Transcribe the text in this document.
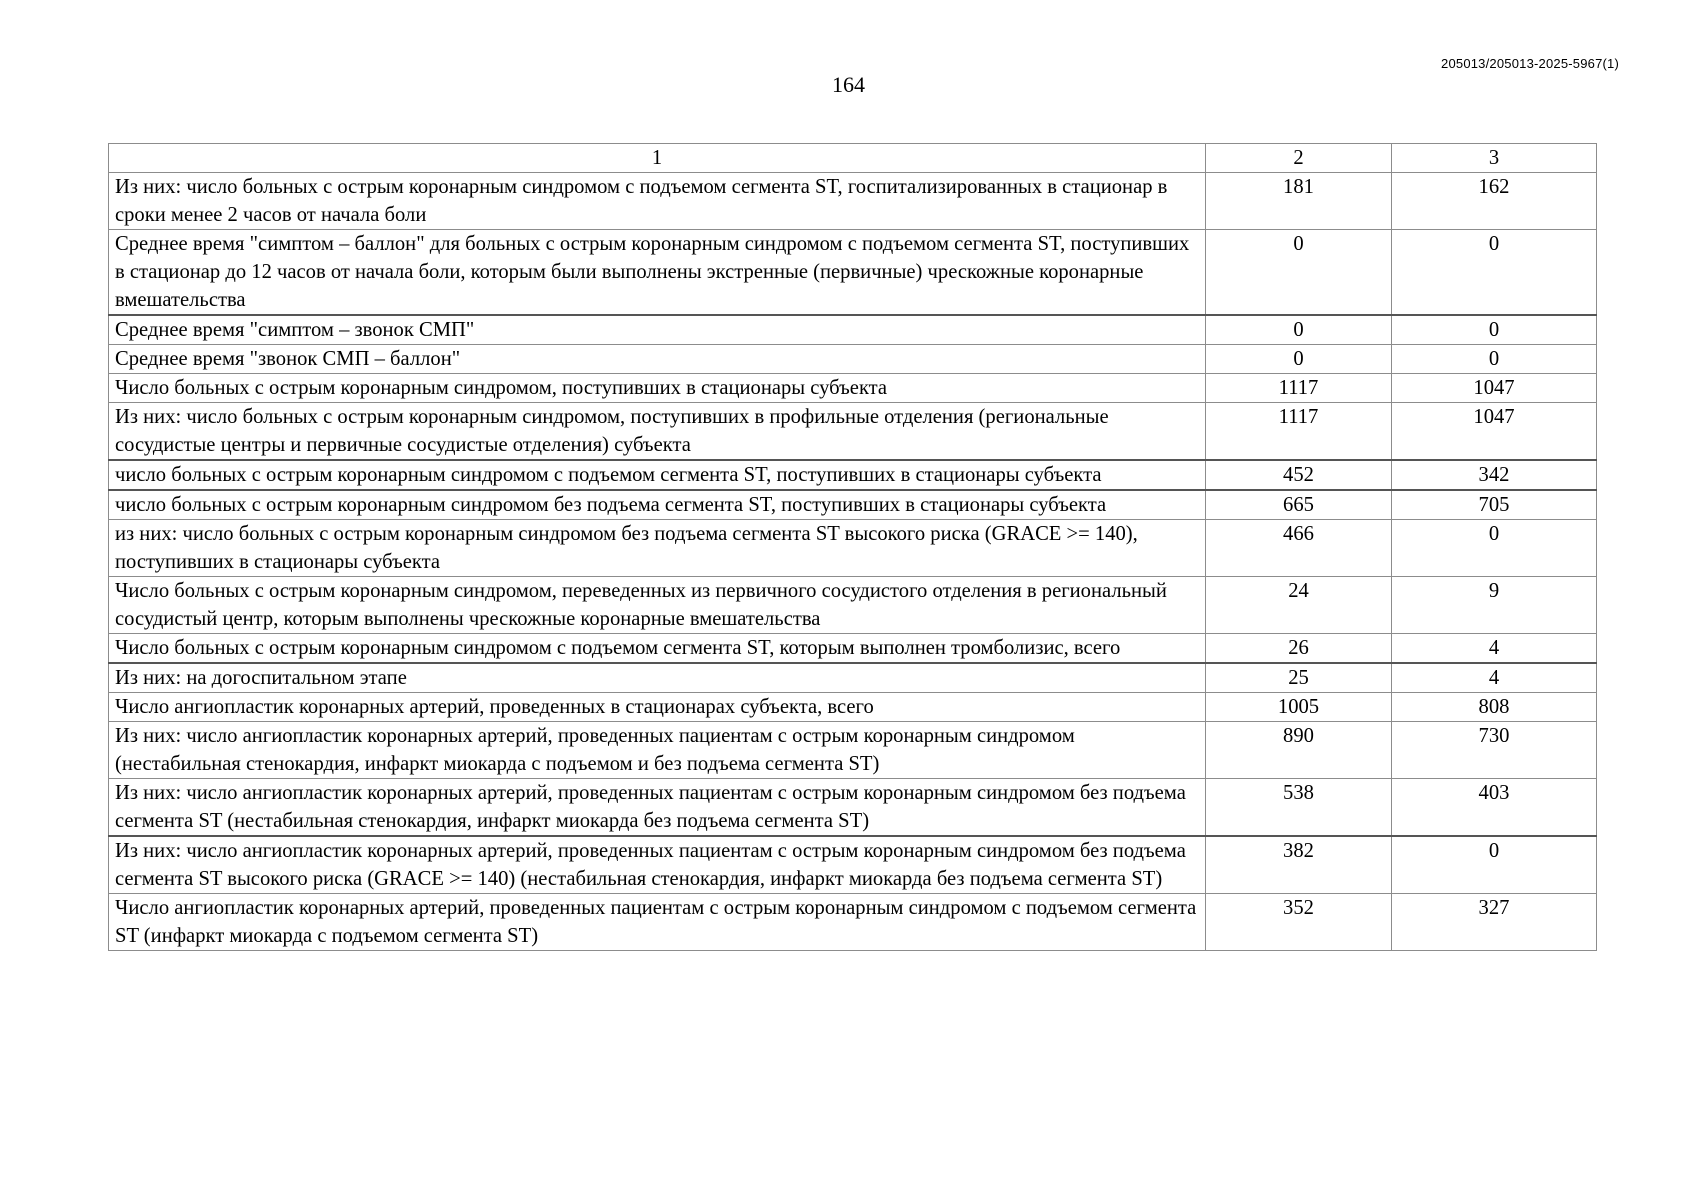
205013/205013-2025-5967(1)
164
1	2	3
Из них: число больных с острым коронарным синдромом с подъемом сегмента ST, госпитализированных в стационар в сроки менее 2 часов от начала боли	181	162
Среднее время "симптом – баллон" для больных с острым коронарным синдромом с подъемом сегмента ST, поступивших в стационар до 12 часов от начала боли, которым были выполнены экстренные (первичные) чрескожные коронарные вмешательства	0	0
Среднее время "симптом – звонок СМП"	0	0
Среднее время "звонок СМП – баллон"	0	0
Число больных с острым коронарным синдромом, поступивших в стационары субъекта	1117	1047
Из них: число больных с острым коронарным синдромом, поступивших в профильные отделения (региональные сосудистые центры и первичные сосудистые отделения) субъекта	1117	1047
число больных с острым коронарным синдромом с подъемом сегмента ST, поступивших в стационары субъекта	452	342
число больных с острым коронарным синдромом без подъема сегмента ST, поступивших в стационары субъекта	665	705
из них: число больных с острым коронарным синдромом без подъема сегмента ST высокого риска (GRACE >= 140), поступивших в стационары субъекта	466	0
Число больных с острым коронарным синдромом, переведенных из первичного сосудистого отделения в региональный сосудистый центр, которым выполнены чрескожные коронарные вмешательства	24	9
Число больных с острым коронарным синдромом с подъемом сегмента ST, которым выполнен тромболизис, всего	26	4
Из них: на догоспитальном этапе	25	4
Число ангиопластик коронарных артерий, проведенных в стационарах субъекта, всего	1005	808
Из них: число ангиопластик коронарных артерий, проведенных пациентам с острым коронарным синдромом (нестабильная стенокардия, инфаркт миокарда с подъемом и без подъема сегмента ST)	890	730
Из них: число ангиопластик коронарных артерий, проведенных пациентам с острым коронарным синдромом без подъема сегмента ST (нестабильная стенокардия, инфаркт миокарда без подъема сегмента ST)	538	403
Из них: число ангиопластик коронарных артерий, проведенных пациентам с острым коронарным синдромом без подъема сегмента ST высокого риска (GRACE >= 140) (нестабильная стенокардия, инфаркт миокарда без подъема сегмента ST)	382	0
Число ангиопластик коронарных артерий, проведенных пациентам с острым коронарным синдромом с подъемом сегмента ST (инфаркт миокарда с подъемом сегмента ST)	352	327
